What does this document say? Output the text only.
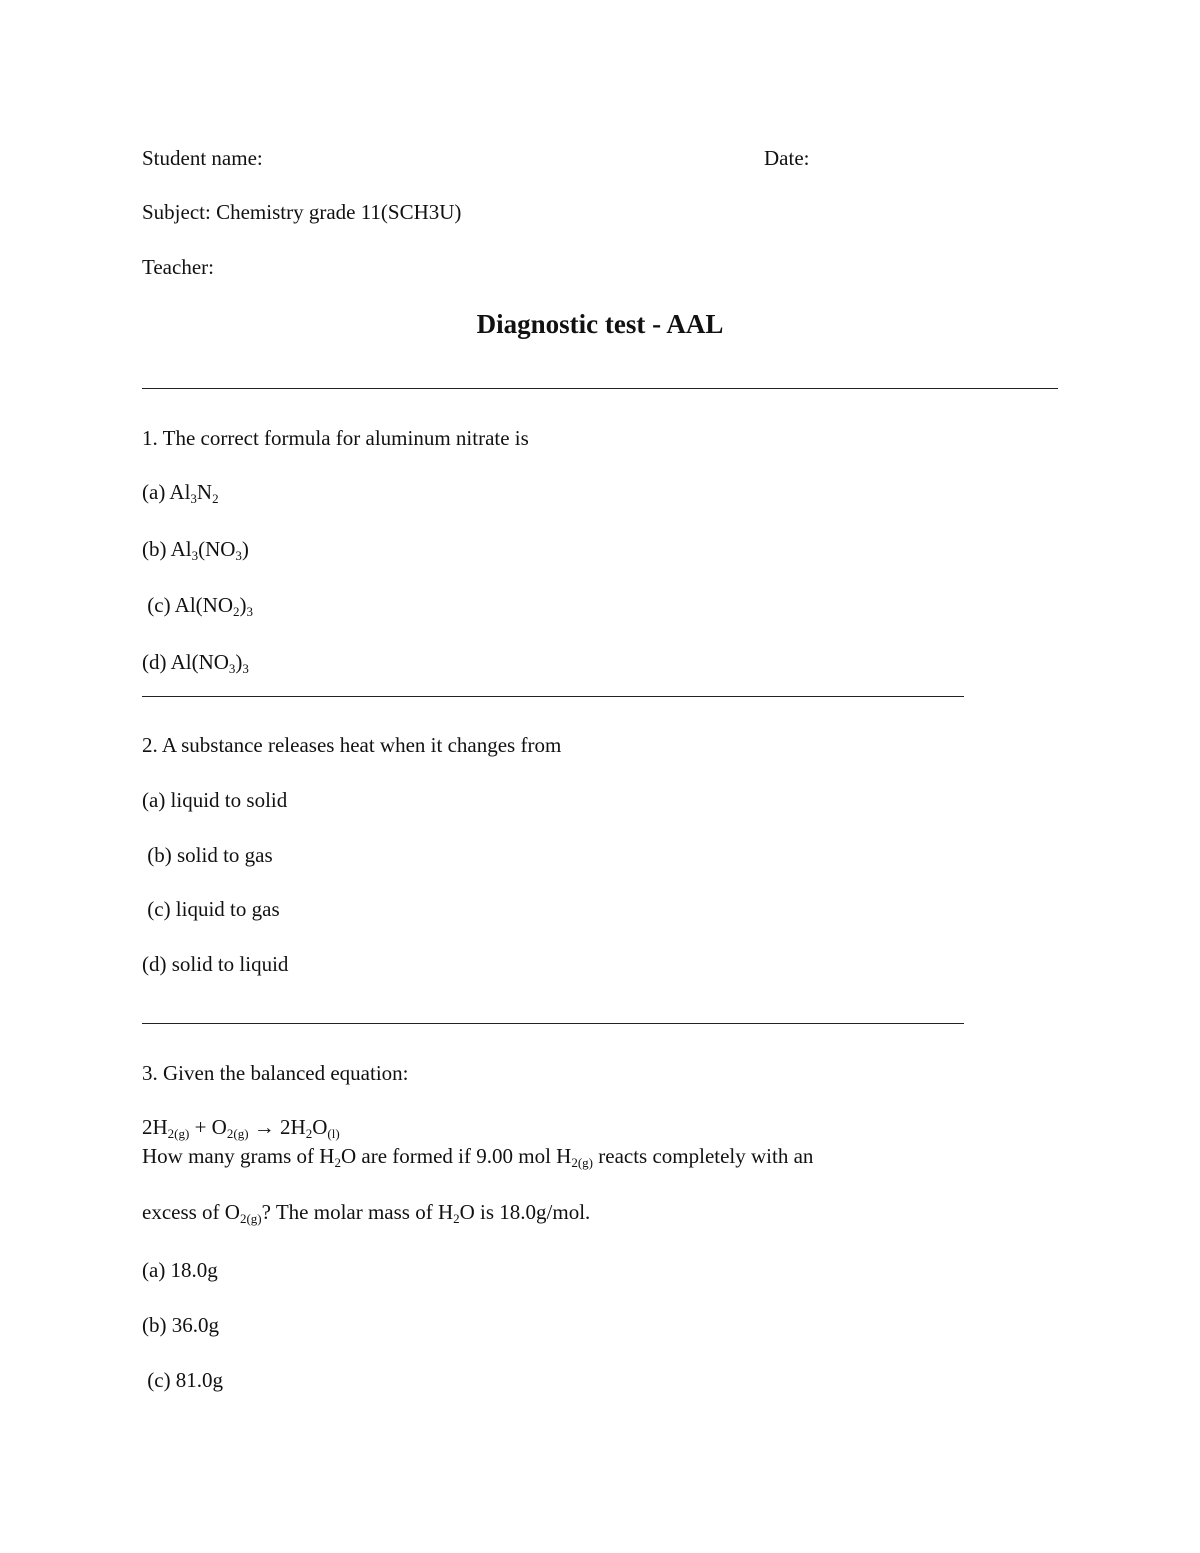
Student name:	Date:
Subject: Chemistry grade 11(SCH3U)
Teacher:
Diagnostic test - AAL
1. The correct formula for aluminum nitrate is
(a) $Al_3N_2$
(b) $Al_3(NO_3)$
(c) $Al(NO_2)_3$
(d) $Al(NO_3)_3$
2. A substance releases heat when it changes from
(a) liquid to solid
(b) solid to gas
(c) liquid to gas
(d) solid to liquid
3. Given the balanced equation:
$2H_{2(g)} + O_{2(g)} \to 2H_2O_{(l)}$
How many grams of $H_2O$ are formed if 9.00 mol $H_{2(g)}$ reacts completely with an
excess of $O_{2(g)}$? The molar mass of $H_2O$ is 18.0g/mol.
(a) 18.0g
(b) 36.0g
(c) 81.0g
